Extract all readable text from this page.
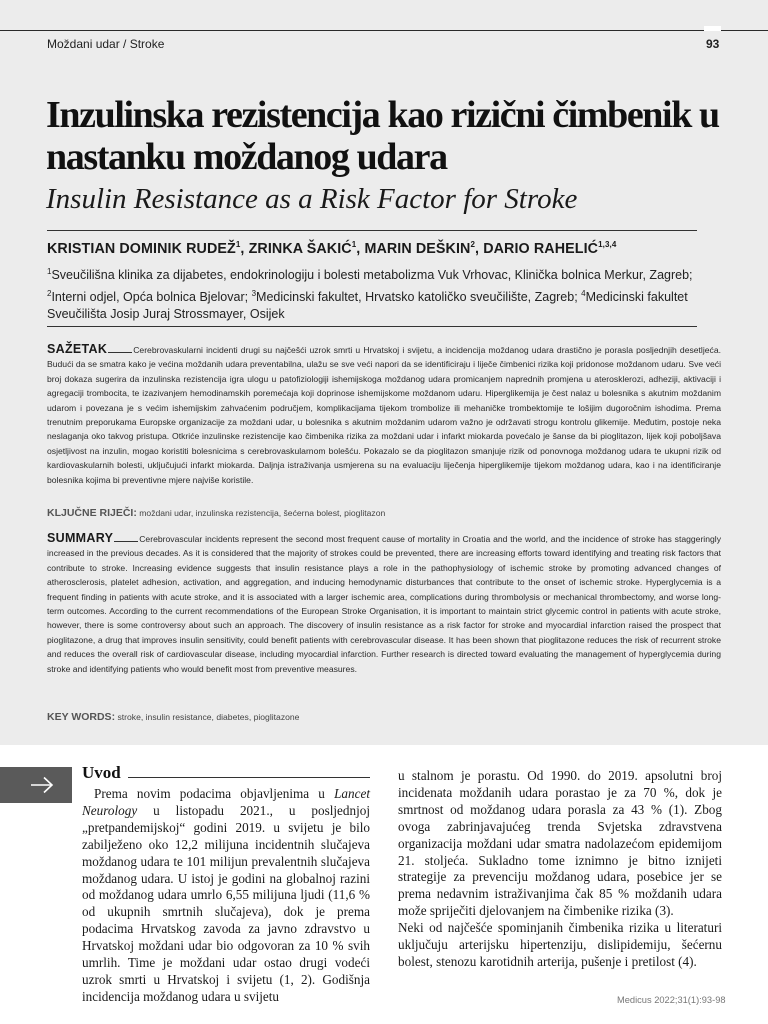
Moždani udar / Stroke	93
Inzulinska rezistencija kao rizični čimbenik u nastanku moždanog udara
Insulin Resistance as a Risk Factor for Stroke
KRISTIAN DOMINIK RUDEŽ$^1$, ZRINKA ŠAKIĆ$^1$, MARIN DEŠKIN$^2$, DARIO RAHELIĆ$^{1,3,4}$
$^1$Sveučilišna klinika za dijabetes, endokrinologiju i bolesti metabolizma Vuk Vrhovac, Klinička bolnica Merkur, Zagreb; $^2$Interni odjel, Opća bolnica Bjelovar; $^3$Medicinski fakultet, Hrvatsko katoličko sveučilište, Zagreb; $^4$Medicinski fakultet Sveučilišta Josip Juraj Strossmayer, Osijek
SAŽETAK	Cerebrovaskularni incidenti drugi su najčešći uzrok smrti u Hrvatskoj i svijetu, a incidencija moždanog udara drastično je porasla posljednjih desetljeća. Budući da se smatra kako je većina moždanih udara preventabilna, ulažu se sve veći napori da se identificiraju i liječe čimbenici rizika koji pridonose moždanom udaru. Sve veći broj dokaza sugerira da inzulinska rezistencija igra ulogu u patofiziologiji ishemijskoga moždanog udara promicanjem naprednih promjena u aterosklerozi, adheziji, aktivaciji i agregaciji trombocita, te izazivanjem hemodinamskih poremećaja koji doprinose ishemijskome moždanom udaru. Hiperglikemija je čest nalaz u bolesnika s akutnim moždanim udarom i povezana je s većim ishemijskim zahvaćenim područjem, komplikacijama tijekom trombolize ili mehaničke trombektomije te lošijim dugoročnim ishodima. Prema trenutnim preporukama Europske organizacije za moždani udar, u bolesnika s akutnim moždanim udarom važno je održavati strogu kontrolu glikemije. Međutim, postoje neka neslaganja oko takvog pristupa. Otkriće inzulinske rezistencije kao čimbenika rizika za moždani udar i infarkt miokarda povećalo je šanse da bi pioglitazon, lijek koji poboljšava osjetljivost na inzulin, mogao koristiti bolesnicima s cerebrovaskularnom bolešću. Pokazalo se da pioglitazon smanjuje rizik od ponovnoga moždanog udara te ukupni rizik od kardiovaskularnih bolesti, uključujući infarkt miokarda. Daljnja istraživanja usmjerena su na evaluaciju liječenja hiperglikemije tijekom moždanog udara, kao i na identificiranje bolesnika kojima bi preventivne mjere najviše koristile.
KLJUČNE RIJEČI: moždani udar, inzulinska rezistencija, šećerna bolest, pioglitazon
SUMMARY	Cerebrovascular incidents represent the second most frequent cause of mortality in Croatia and the world, and the incidence of stroke has staggeringly increased in the previous decades. As it is considered that the majority of strokes could be prevented, there are increasing efforts toward identifying and treating risk factors that contribute to stroke. Increasing evidence suggests that insulin resistance plays a role in the pathophysiology of ischemic stroke by promoting advanced changes of atherosclerosis, platelet adhesion, activation, and aggregation, and inducing hemodynamic disturbances that contribute to the onset of ischemic stroke. Hyperglycemia is a frequent finding in patients with acute stroke, and it is associated with a larger ischemic area, complications during thrombolysis or mechanical thrombectomy, and worse long-term outcomes. According to the current recommendations of the European Stroke Organisation, it is important to maintain strict glycemic control in patients with acute stroke, however, there is some controversy about such an approach. The discovery of insulin resistance as a risk factor for stroke and myocardial infarction raised the prospect that pioglitazone, a drug that improves insulin sensitivity, could benefit patients with cerebrovascular disease. It has been shown that pioglitazone reduces the risk of recurrent stroke and reduces the overall risk of cardiovascular disease, including myocardial infarction. Further research is directed toward evaluating the management of hyperglycemia during stroke and identifying patients who would benefit most from preventive measures.
KEY WORDS: stroke, insulin resistance, diabetes, pioglitazone
Uvod
Prema novim podacima objavljenima u Lancet Neurology u listopadu 2021., u posljednjoj „pretpandemijskoj“ godini 2019. u svijetu je bilo zabilježeno oko 12,2 milijuna incidentnih slučajeva moždanog udara te 101 milijun prevalentnih slučajeva moždanog udara. U istoj je godini na globalnoj razini od moždanog udara umrlo 6,55 milijuna ljudi (11,6 % od ukupnih smrtnih slučajeva), dok je prema podacima Hrvatskog zavoda za javno zdravstvo u Hrvatskoj moždani udar bio odgovoran za 10 % svih umrlih. Time je moždani udar ostao drugi vodeći uzrok smrti u Hrvatskoj i svijetu (1, 2). Godišnja incidencija moždanog udara u svijetu

u stalnom je porastu. Od 1990. do 2019. apsolutni broj incidenata moždanih udara porastao je za 70 %, dok je smrtnost od moždanog udara porasla za 43 % (1). Zbog ovoga zabrinjavajućeg trenda Svjetska zdravstvena organizacija moždani udar smatra nadolazećom epidemijom 21. stoljeća. Sukladno tome iznimno je bitno iznijeti strategije za prevenciju moždanog udara, posebice jer se prema nedavnim istraživanjima čak 85 % moždanih udara može spriječiti djelovanjem na čimbenike rizika (3).

Neki od najčešće spominjanih čimbenika rizika u literaturi uključuju arterijsku hipertenziju, dislipidemiju, šećernu bolest, stenozu karotidnih arterija, pušenje i pretilost (4).

Medicus 2022;31(1):93-98
